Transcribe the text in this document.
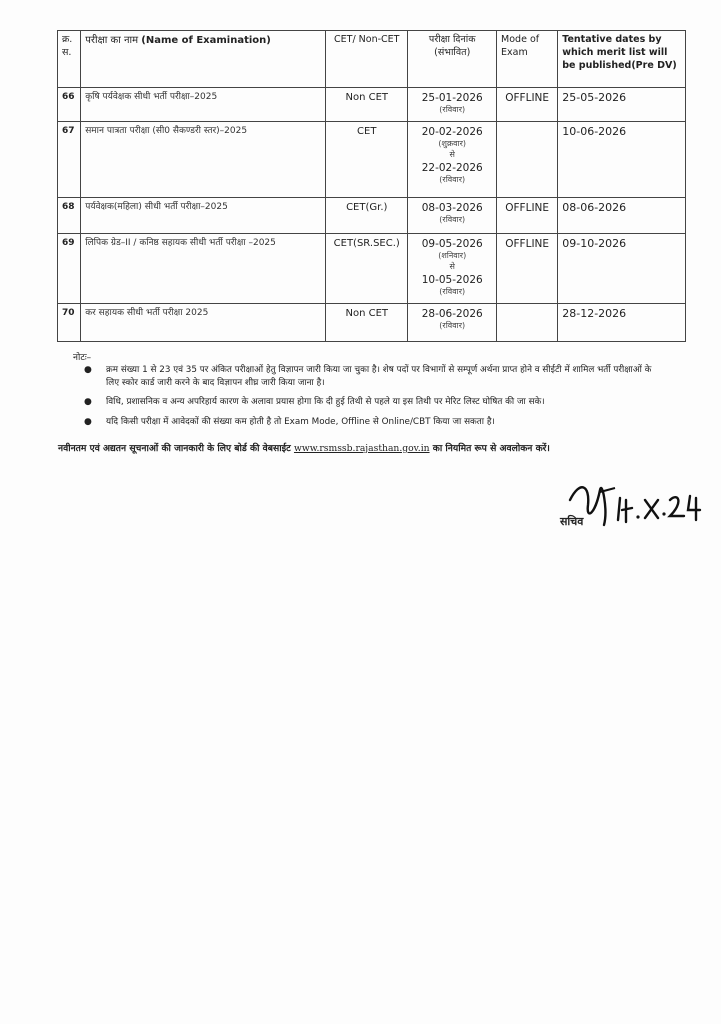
क्र. स.	परीक्षा का नाम (Name of Examination)	CET/ Non-CET	परीक्षा दिनांक (संभावित)	Mode of Exam	Tentative dates by which merit list will be published(Pre DV)
66	कृषि पर्यवेक्षक सीधी भर्ती परीक्षा–2025	Non CET	25-01-2026
(रविवार)	OFFLINE	25-05-2026
67	समान पात्रता परीक्षा (सी0 सैकण्डरी स्तर)–2025	CET	20-02-2026
(शुक्रवार)
से
22-02-2026
(रविवार)		10-06-2026
68	पर्यवेक्षक(महिला) सीधी भर्ती परीक्षा–2025	CET(Gr.)	08-03-2026
(रविवार)	OFFLINE	08-06-2026
69	लिपिक ग्रेड–II / कनिष्ठ सहायक सीधी भर्ती परीक्षा –2025	CET(SR.SEC.)	09-05-2026
(शनिवार)
से
10-05-2026
(रविवार)	OFFLINE	09-10-2026
70	कर सहायक सीधी भर्ती परीक्षा 2025	Non CET	28-06-2026
(रविवार)		28-12-2026
नोटः–
●	क्रम संख्या 1 से 23 एवं 35 पर अंकित परीक्षाओं हेतु विज्ञापन जारी किया जा चुका है। शेष पदों पर विभागों से सम्पूर्ण अर्थना प्राप्त होने व सीईटी में शामिल भर्ती परीक्षाओं के लिए स्कोर कार्ड जारी करने के बाद विज्ञापन शीघ्र जारी किया जाना है।
●	विधि, प्रशासनिक व अन्य अपरिहार्य कारण के अलावा प्रयास होगा कि दी हुई तिथी से पहले या इस तिथी पर मेरिट लिस्ट घोषित की जा सके।
●	यदि किसी परीक्षा में आवेदकों की संख्या कम होती है तो Exam Mode, Offline से Online/CBT किया जा सकता है।
नवीनतम एवं अद्यतन सूचनाओं की जानकारी के लिए बोर्ड की वेबसाईट www.rsmssb.rajasthan.gov.in का नियमित रूप से अवलोकन करें।
सचिव
